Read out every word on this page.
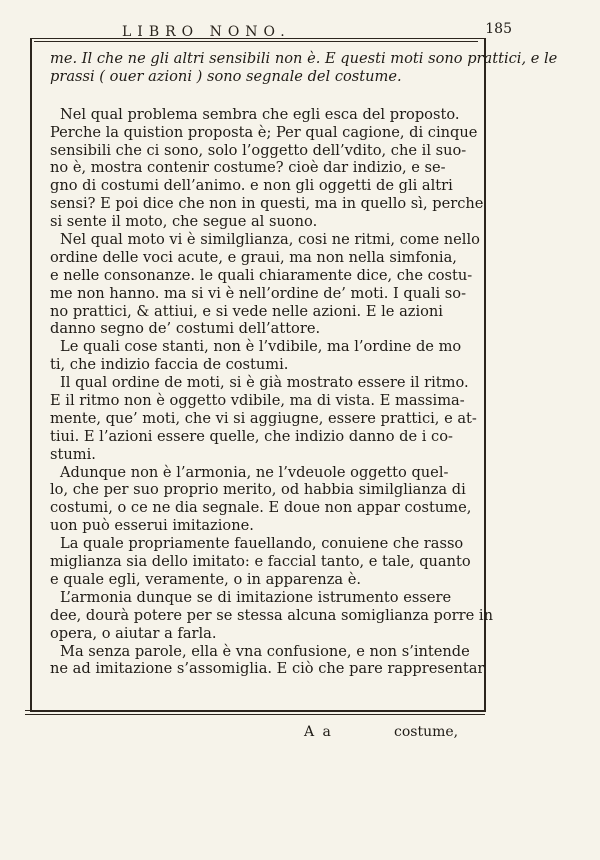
LIBRO NONO.	185
me. Il che ne gli altri sensibili non è. E questi moti sono prattici, e le
prassi ( ouer azioni ) sono segnale del costume.
Nel qual problema sembra che egli esca del proposto.
Perche la quistion proposta è; Per qual cagione, di cinque
sensibili che ci sono, solo l’oggetto dell’vdito, che il suo-
no è, mostra contenir costume? cioè dar indizio, e se-
gno di costumi dell’animo. e non gli oggetti de gli altri
sensi? E poi dice che non in questi, ma in quello sì, perche
si sente il moto, che segue al suono.
Nel qual moto vi è similglianza, cosi ne ritmi, come nello
ordine delle voci acute, e graui, ma non nella simfonia,
e nelle consonanze. le quali chiaramente dice, che costu-
me non hanno. ma si vi è nell’ordine de’ moti. I quali so-
no prattici, & attiui, e si vede nelle azioni. E le azioni
danno segno de’ costumi dell’attore.
Le quali cose stanti, non è l’vdibile, ma l’ordine de mo
ti, che indizio faccia de costumi.
Il qual ordine de moti, si è già mostrato essere il ritmo.
E il ritmo non è oggetto vdibile, ma di vista. E massima-
mente, que’ moti, che vi si aggiugne, essere prattici, e at-
tiui. E l’azioni essere quelle, che indizio danno de i co-
stumi.
Adunque non è l’armonia, ne l’vdeuole oggetto quel-
lo, che per suo proprio merito, od habbia similglianza di
costumi, o ce ne dia segnale. E doue non appar costume,
uon può esserui imitazione.
La quale propriamente fauellando, conuiene che rasso
miglianza sia dello imitato: e faccial tanto, e tale, quanto
e quale egli, veramente, o in apparenza è.
L’armonia dunque se di imitazione istrumento essere
dee, dourà potere per se stessa alcuna somiglianza porre in
opera, o aiutar a farla.
Ma senza parole, ella è vna confusione, e non s’intende
ne ad imitazione s’assomiglia. E ciò che pare rappresentar
A a	costume,
